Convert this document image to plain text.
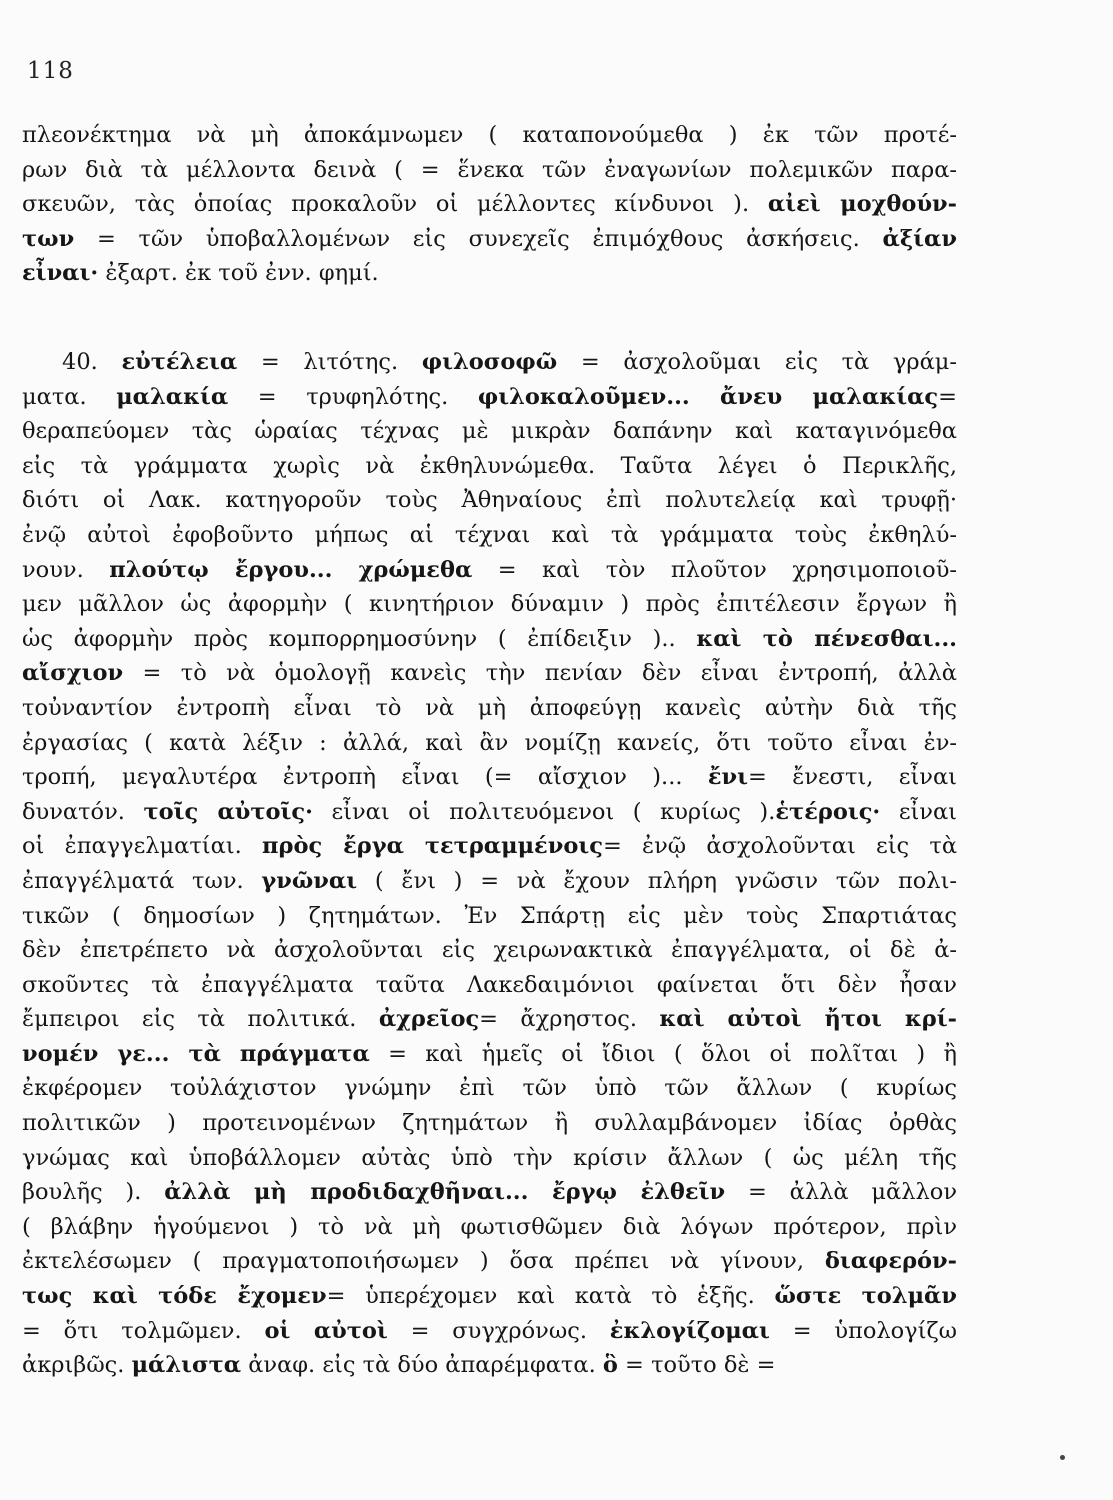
118
πλεονέκτημα νὰ μὴ ἀποκάμνωμεν ( καταπονούμεθα ) ἐκ τῶν προτέ-
ρων διὰ τὰ μέλλοντα δεινὰ ( = ἕνεκα τῶν ἐναγωνίων πολεμικῶν παρα-
σκευῶν, τὰς ὁποίας προκαλοῦν οἱ μέλλοντες κίνδυνοι ). αἰεὶ μοχθούν-
των = τῶν ὑποβαλλομένων εἰς συνεχεῖς ἐπιμόχθους ἀσκήσεις. ἀξίαν
εἶναι· ἐξαρτ. ἐκ τοῦ ἐνν. φημί.
40. εὐτέλεια = λιτότης. φιλοσοφῶ = ἀσχολοῦμαι εἰς τὰ γράμ-
ματα. μαλακία = τρυφηλότης. φιλοκαλοῦμεν... ἄνευ μαλακίας=
θεραπεύομεν τὰς ὡραίας τέχνας μὲ μικρὰν δαπάνην καὶ καταγινόμεθα
εἰς τὰ γράμματα χωρὶς νὰ ἐκθηλυνώμεθα. Ταῦτα λέγει ὁ Περικλῆς,
διότι οἱ Λακ. κατηγοροῦν τοὺς Ἀθηναίους ἐπὶ πολυτελείᾳ καὶ τρυφῇ·
ἐνῷ αὐτοὶ ἐφοβοῦντο μήπως αἱ τέχναι καὶ τὰ γράμματα τοὺς ἐκθηλύ-
νουν. πλούτῳ ἔργου... χρώμεθα = καὶ τὸν πλοῦτον χρησιμοποιοῦ-
μεν μᾶλλον ὡς ἀφορμὴν ( κινητήριον δύναμιν ) πρὸς ἐπιτέλεσιν ἔργων ἢ
ὡς ἀφορμὴν πρὸς κομπορρημοσύνην ( ἐπίδειξιν ).. καὶ τὸ πένεσθαι...
αἴσχιον = τὸ νὰ ὁμολογῇ κανεὶς τὴν πενίαν δὲν εἶναι ἐντροπή, ἀλλὰ
τοὐναντίον ἐντροπὴ εἶναι τὸ νὰ μὴ ἀποφεύγῃ κανεὶς αὐτὴν διὰ τῆς
ἐργασίας ( κατὰ λέξιν : ἀλλά, καὶ ἂν νομίζῃ κανείς, ὅτι τοῦτο εἶναι ἐν-
τροπή, μεγαλυτέρα ἐντροπὴ εἶναι (= αἴσχιον )... ἔνι= ἔνεστι, εἶναι
δυνατόν. τοῖς αὐτοῖς· εἶναι οἱ πολιτευόμενοι ( κυρίως ).ἑτέροις· εἶναι
οἱ ἐπαγγελματίαι. πρὸς ἔργα τετραμμένοις= ἐνῷ ἀσχολοῦνται εἰς τὰ
ἐπαγγέλματά των. γνῶναι ( ἔνι ) = νὰ ἔχουν πλήρη γνῶσιν τῶν πολι-
τικῶν ( δημοσίων ) ζητημάτων. Ἐν Σπάρτῃ εἰς μὲν τοὺς Σπαρτιάτας
δὲν ἐπετρέπετο νὰ ἀσχολοῦνται εἰς χειρωνακτικὰ ἐπαγγέλματα, οἱ δὲ ἀ-
σκοῦντες τὰ ἐπαγγέλματα ταῦτα Λακεδαιμόνιοι φαίνεται ὅτι δὲν ἦσαν
ἔμπειροι εἰς τὰ πολιτικά. ἀχρεῖος= ἄχρηστος. καὶ αὐτοὶ ἤτοι κρί-
νομέν γε... τὰ πράγματα = καὶ ἡμεῖς οἱ ἴδιοι ( ὅλοι οἱ πολῖται ) ἢ
ἐκφέρομεν τοὐλάχιστον γνώμην ἐπὶ τῶν ὑπὸ τῶν ἄλλων ( κυρίως
πολιτικῶν ) προτεινομένων ζητημάτων ἢ συλλαμβάνομεν ἰδίας ὀρθὰς
γνώμας καὶ ὑποβάλλομεν αὐτὰς ὑπὸ τὴν κρίσιν ἄλλων ( ὡς μέλη τῆς
βουλῆς ). ἀλλὰ μὴ προδιδαχθῆναι... ἔργῳ ἐλθεῖν = ἀλλὰ μᾶλλον
( βλάβην ἡγούμενοι ) τὸ νὰ μὴ φωτισθῶμεν διὰ λόγων πρότερον, πρὶν
ἐκτελέσωμεν ( πραγματοποιήσωμεν ) ὅσα πρέπει νὰ γίνουν, διαφερόν-
τως καὶ τόδε ἔχομεν= ὑπερέχομεν καὶ κατὰ τὸ ἑξῆς. ὥστε τολμᾶν
= ὅτι τολμῶμεν. οἱ αὐτοὶ = συγχρόνως. ἐκλογίζομαι = ὑπολογίζω
ἀκριβῶς. μάλιστα ἀναφ. εἰς τὰ δύο ἀπαρέμφατα. ὃ = τοῦτο δὲ =
